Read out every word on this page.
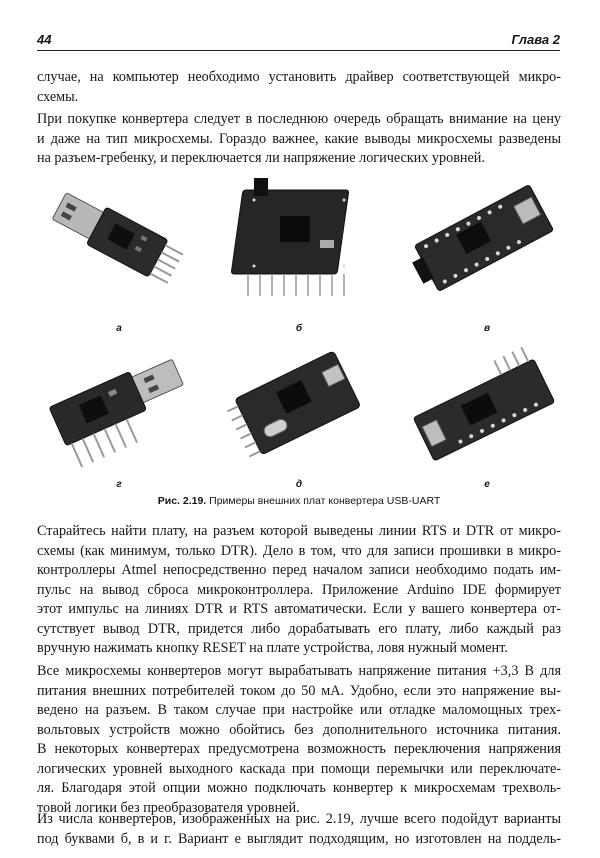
44	Глава 2

случае, на компьютер необходимо установить драйвер соответствующей микро-
схемы.

При покупке конвертера следует в последнюю очередь обращать внимание на цену
и даже на тип микросхемы. Гораздо важнее, какие выводы микросхемы разведены
на разъем-гребенку, и переключается ли напряжение логических уровней.

а	б	в
г	д	е
Рис. 2.19. Примеры внешних плат конвертера USB-UART

Старайтесь найти плату, на разъем которой выведены линии RTS и DTR от микро-
схемы (как минимум, только DTR). Дело в том, что для записи прошивки в микро-
контроллеры Atmel непосредственно перед началом записи необходимо подать им-
пульс на вывод сброса микроконтроллера. Приложение Arduino IDE формирует
этот импульс на линиях DTR и RTS автоматически. Если у вашего конвертера от-
сутствует вывод DTR, придется либо дорабатывать его плату, либо каждый раз
вручную нажимать кнопку RESET на плате устройства, ловя нужный момент.

Все микросхемы конвертеров могут вырабатывать напряжение питания +3,3 В для
питания внешних потребителей током до 50 мА. Удобно, если это напряжение вы-
ведено на разъем. В таком случае при настройке или отладке маломощных трех-
вольтовых устройств можно обойтись без дополнительного источника питания.
В некоторых конвертерах предусмотрена возможность переключения напряжения
логических уровней выходного каскада при помощи перемычки или переключате-
ля. Благодаря этой опции можно подключать конвертер к микросхемам трехволь-
товой логики без преобразователя уровней.

Из числа конвертеров, изображенных на рис. 2.19, лучше всего подойдут варианты
под буквами б, в и г. Вариант е выглядит подходящим, но изготовлен на поддель-
